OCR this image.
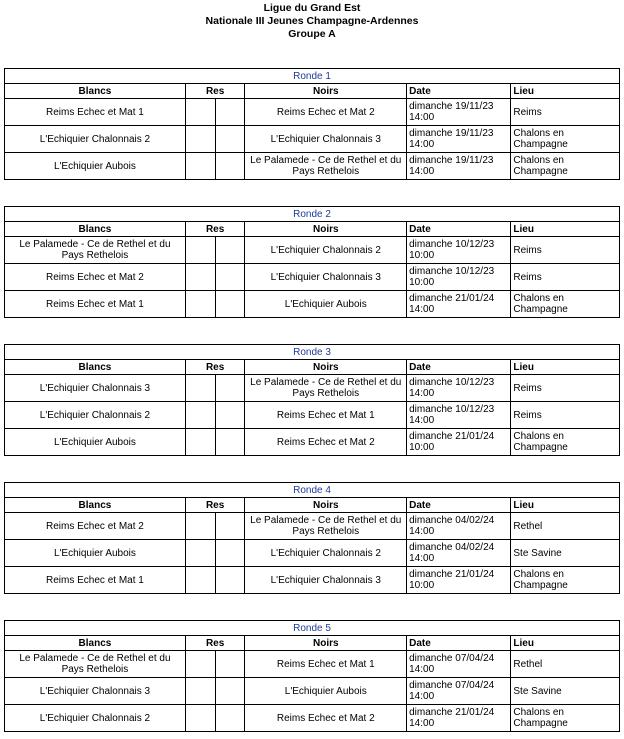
Ligue du Grand Est
Nationale III Jeunes Champagne-Ardennes
Groupe A
Ronde 1					
Blancs	Res		Noirs	Date	Lieu
Reims Echec et Mat 1			Reims Echec et Mat 2	dimanche 19/11/23
14:00	Reims
L'Echiquier Chalonnais 2			L'Echiquier Chalonnais 3	dimanche 19/11/23
14:00	Chalons en Champagne
L'Echiquier Aubois			Le Palamede - Ce de Rethel et du Pays Rethelois	dimanche 19/11/23
14:00	Chalons en Champagne
Ronde 2					
Blancs	Res		Noirs	Date	Lieu
Le Palamede - Ce de Rethel et du Pays Rethelois			L'Echiquier Chalonnais 2	dimanche 10/12/23
10:00	Reims
Reims Echec et Mat 2			L'Echiquier Chalonnais 3	dimanche 10/12/23
10:00	Reims
Reims Echec et Mat 1			L'Echiquier Aubois	dimanche 21/01/24
14:00	Chalons en Champagne
Ronde 3					
Blancs	Res		Noirs	Date	Lieu
L'Echiquier Chalonnais 3			Le Palamede - Ce de Rethel et du Pays Rethelois	dimanche 10/12/23
14:00	Reims
L'Echiquier Chalonnais 2			Reims Echec et Mat 1	dimanche 10/12/23
14:00	Reims
L'Echiquier Aubois			Reims Echec et Mat 2	dimanche 21/01/24
10:00	Chalons en Champagne
Ronde 4					
Blancs	Res		Noirs	Date	Lieu
Reims Echec et Mat 2			Le Palamede - Ce de Rethel et du Pays Rethelois	dimanche 04/02/24
14:00	Rethel
L'Echiquier Aubois			L'Echiquier Chalonnais 2	dimanche 04/02/24
14:00	Ste Savine
Reims Echec et Mat 1			L'Echiquier Chalonnais 3	dimanche 21/01/24
10:00	Chalons en Champagne
Ronde 5					
Blancs	Res		Noirs	Date	Lieu
Le Palamede - Ce de Rethel et du Pays Rethelois			Reims Echec et Mat 1	dimanche 07/04/24
14:00	Rethel
L'Echiquier Chalonnais 3			L'Echiquier Aubois	dimanche 07/04/24
14:00	Ste Savine
L'Echiquier Chalonnais 2			Reims Echec et Mat 2	dimanche 21/01/24
14:00	Chalons en Champagne
